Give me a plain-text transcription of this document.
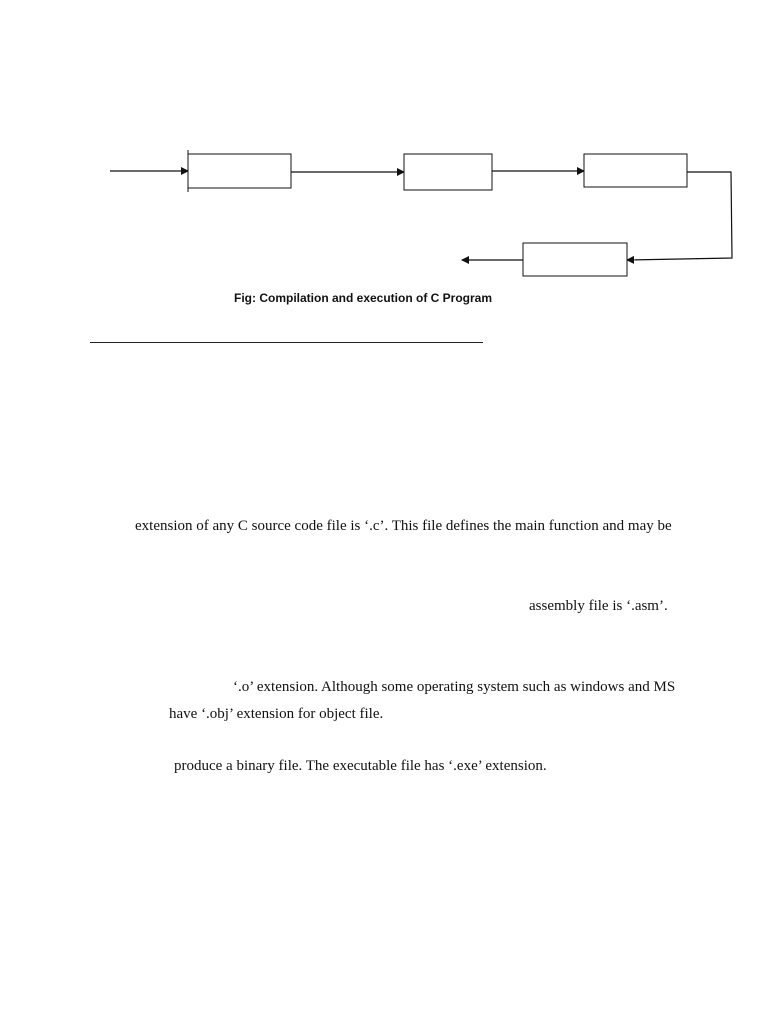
Fig: Compilation and execution of C Program
extension of any C source code file is ‘.c’. This file defines the main function and may be
assembly file is ‘.asm’.
‘.o’ extension. Although some operating system such as windows and MS
have ‘.obj’ extension for object file.
produce a binary file. The executable file has ‘.exe’ extension.
